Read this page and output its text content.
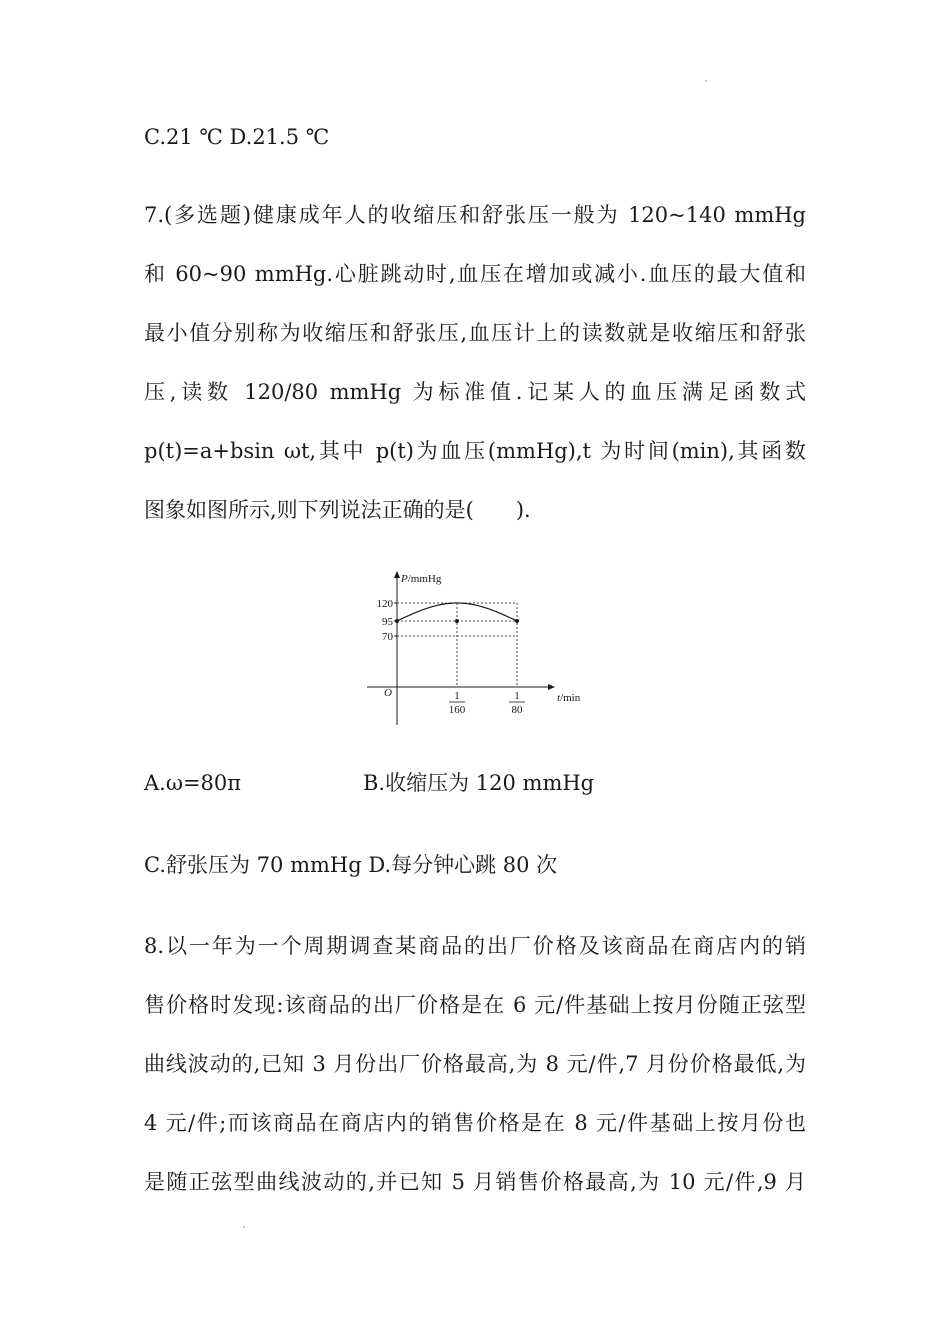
C.21 ℃ D.21.5 ℃
7.(多选题)健康成年人的收缩压和舒张压一般为 120~140 mmHg
和 60~90 mmHg.心脏跳动时,血压在增加或减小.血压的最大值和
最小值分别称为收缩压和舒张压,血压计上的读数就是收缩压和舒张
压,读数 120/80 mmHg 为标准值.记某人的血压满足函数式
p(t)=a+bsin ωt,其中 p(t)为血压(mmHg),t 为时间(min),其函数
图象如图所示,则下列说法正确的是(　　).
P/mmHg
t/min
O
120
95
70
1
160
1
80
A.ω=80π	B.收缩压为 120 mmHg
C.舒张压为 70 mmHg D.每分钟心跳 80 次
8.以一年为一个周期调查某商品的出厂价格及该商品在商店内的销
售价格时发现:该商品的出厂价格是在 6 元/件基础上按月份随正弦型
曲线波动的,已知 3 月份出厂价格最高,为 8 元/件,7 月份价格最低,为
4 元/件;而该商品在商店内的销售价格是在 8 元/件基础上按月份也
是随正弦型曲线波动的,并已知 5 月销售价格最高,为 10 元/件,9 月
